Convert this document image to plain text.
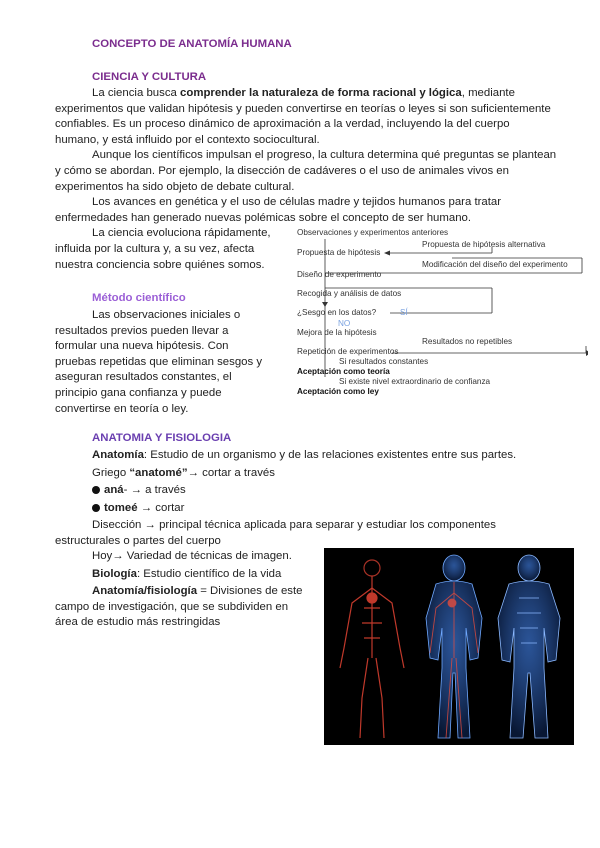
CONCEPTO DE ANATOMÍA HUMANA
CIENCIA Y CULTURA

La ciencia busca comprender la naturaleza de forma racional y lógica, mediante

experimentos que validan hipótesis y pueden convertirse en teorías o leyes si son suficientemente

confiables. Es un proceso dinámico de aproximación a la verdad, incluyendo la del cuerpo

humano, y está influido por el contexto sociocultural.

Aunque los científicos impulsan el progreso, la cultura determina qué preguntas se plantean

y cómo se abordan. Por ejemplo, la disección de cadáveres o el uso de animales vivos en

experimentos ha sido objeto de debate cultural.

Los avances en genética y el uso de células madre y tejidos humanos para tratar

enfermedades han generado nuevas polémicas sobre el concepto de ser humano.

La ciencia evoluciona rápidamente,

influida por la cultura y, a su vez, afecta

nuestra conciencia sobre quiénes somos.

Método científico

Las observaciones iniciales o

resultados previos pueden llevar a

formular una nueva hipótesis. Con

pruebas repetidas que eliminan sesgos y

aseguran resultados constantes, el

principio gana confianza y puede

convertirse en teoría o ley.

Observaciones y experimentos anteriores
Propuesta de hipótesis alternativa
Propuesta de hipótesis
Modificación del diseño del experimento
Diseño de experimento
Recogida y análisis de datos
¿Sesgo en los datos?	SÍ
NO
Mejora de la hipótesis
Resultados no repetibles
Repetición de experimentos
Si resultados constantes
Aceptación como teoría
Si existe nivel extraordinario de confianza
Aceptación como ley
ANATOMIA Y FISIOLOGIA

Anatomía: Estudio de un organismo y de las relaciones existentes entre sus partes.

Griego “anatomé”→ cortar a través

aná- → a través

tomeé → cortar

Disección → principal técnica aplicada para separar y estudiar los componentes

estructurales o partes del cuerpo

Hoy→ Variedad de técnicas de imagen.

Biología: Estudio científico de la vida

Anatomía/fisiología = Divisiones de este

campo de investigación, que se subdividen en

área de estudio más restringidas
